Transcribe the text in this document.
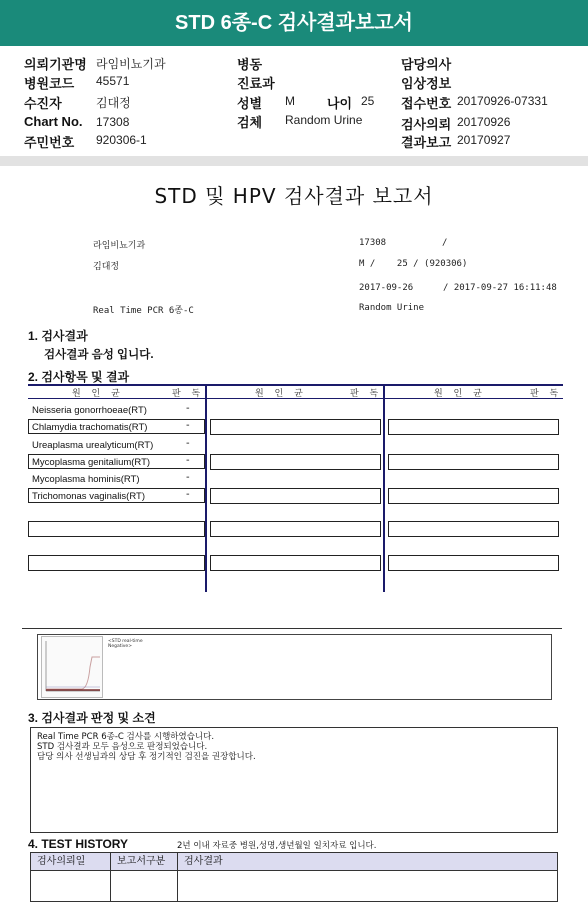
STD 6종-C 검사결과보고서
의뢰기관명 라임비뇨기과
병원코드 45571
수진자	김대정
Chart No. 17308
주민번호 920306-1
병동
진료과
성별 M 나이 25
검체 Random Urine
담당의사
임상정보
접수번호 20170926-07331
검사의뢰 20170926
결과보고 20170927
STD 및 HPV 검사결과 보고서
라임비뇨기과	17308	/
김대정	M /    25 / (920306)
2017-09-26	/ 2017-09-27 16:11:48
Real Time PCR 6종-C	Random Urine
1. 검사결과
검사결과 음성 입니다.
2. 검사항목 및 결과
원 인 균	판 독	원 인 균	판 독	원 인 균	판 독
Neisseria gonorrhoeae(RT)	-
Chlamydia trachomatis(RT)	-
Ureaplasma urealyticum(RT)	-
Mycoplasma genitalium(RT)	-
Mycoplasma hominis(RT)	-
Trichomonas vaginalis(RT)	-
<STD real-time Negative>
3. 검사결과 판정 및 소견
Real Time PCR 6종-C 검사를 시행하였습니다.
STD 검사결과 모두 음성으로 판정되었습니다.
담당 의사 선생님과의 상담 후 정기적인 검진을 권장합니다.
4. TEST HISTORY	2년 이내 자료중 병원,성명,생년월일 일치자료 입니다.
검사의뢰일	보고서구분	검사결과
